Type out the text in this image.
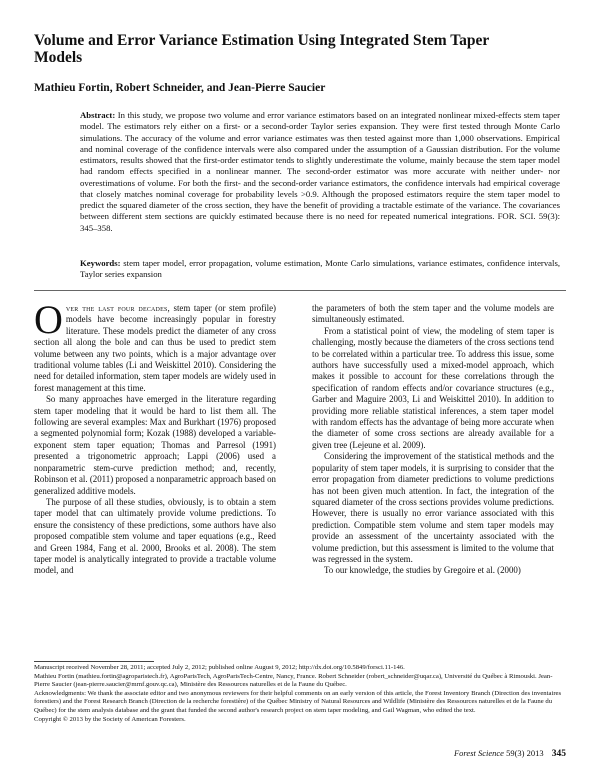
Volume and Error Variance Estimation Using Integrated Stem Taper Models
Mathieu Fortin, Robert Schneider, and Jean-Pierre Saucier
Abstract: In this study, we propose two volume and error variance estimators based on an integrated nonlinear mixed-effects stem taper model. The estimators rely either on a first- or a second-order Taylor series expansion. They were first tested through Monte Carlo simulations. The accuracy of the volume and error variance estimates was then tested against more than 1,000 observations. Empirical and nominal coverage of the confidence intervals were also compared under the assumption of a Gaussian distribution. For the volume estimators, results showed that the first-order estimator tends to slightly underestimate the volume, mainly because the stem taper model had random effects specified in a nonlinear manner. The second-order estimator was more accurate with neither under- nor overestimations of volume. For both the first- and the second-order variance estimators, the confidence intervals had empirical coverage that closely matches nominal coverage for probability levels >0.9. Although the proposed estimators require the stem taper model to predict the squared diameter of the cross section, they have the benefit of providing a tractable estimate of the variance. The covariances between different stem sections are quickly estimated because there is no need for repeated numerical integrations. FOR. SCI. 59(3): 345–358.
Keywords: stem taper model, error propagation, volume estimation, Monte Carlo simulations, variance estimates, confidence intervals, Taylor series expansion

Over the last four decades, stem taper (or stem profile) models have become increasingly popular in forestry literature. These models predict the diameter of any cross section all along the bole and can thus be used to predict stem volume between any two points, which is a major advantage over traditional volume tables (Li and Weiskittel 2010). Considering the need for detailed information, stem taper models are widely used in forest management at this time.

So many approaches have emerged in the literature regarding stem taper modeling that it would be hard to list them all. The following are several examples: Max and Burkhart (1976) proposed a segmented polynomial form; Kozak (1988) developed a variable-exponent stem taper equation; Thomas and Parresol (1991) presented a trigonometric approach; Lappi (2006) used a nonparametric stem-curve prediction method; and, recently, Robinson et al. (2011) proposed a nonparametric approach based on generalized additive models.

The purpose of all these studies, obviously, is to obtain a stem taper model that can ultimately provide volume predictions. To ensure the consistency of these predictions, some authors have also proposed compatible stem volume and taper equations (e.g., Reed and Green 1984, Fang et al. 2000, Brooks et al. 2008). The stem taper model is analytically integrated to provide a tractable volume model, and

the parameters of both the stem taper and the volume models are simultaneously estimated.

From a statistical point of view, the modeling of stem taper is challenging, mostly because the diameters of the cross sections tend to be correlated within a particular tree. To address this issue, some authors have successfully used a mixed-model approach, which makes it possible to account for these correlations through the specification of random effects and/or covariance structures (e.g., Garber and Maguire 2003, Li and Weiskittel 2010). In addition to providing more reliable statistical inferences, a stem taper model with random effects has the advantage of being more accurate when the diameter of some cross sections are already available for a given tree (Lejeune et al. 2009).

Considering the improvement of the statistical methods and the popularity of stem taper models, it is surprising to consider that the error propagation from diameter predictions to volume predictions has not been given much attention. In fact, the integration of the squared diameter of the cross sections provides volume predictions. However, there is usually no error variance associated with this prediction. Compatible stem volume and stem taper models may provide an assessment of the uncertainty associated with the volume prediction, but this assessment is limited to the volume that was regressed in the system.

To our knowledge, the studies by Gregoire et al. (2000)

Manuscript received November 28, 2011; accepted July 2, 2012; published online August 9, 2012; http://dx.doi.org/10.5849/forsci.11-146.

Mathieu Fortin (mathieu.fortin@agroparistech.fr), AgroParisTech, AgroParisTech-Centre, Nancy, France. Robert Schneider (robert_schneider@uqar.ca), Université du Québec à Rimouski. Jean-Pierre Saucier (jean-pierre.saucier@mrnf.gouv.qc.ca), Ministère des Ressources naturelles et de la Faune du Québec.

Acknowledgments: We thank the associate editor and two anonymous reviewers for their helpful comments on an early version of this article, the Forest Inventory Branch (Direction des inventaires forestiers) and the Forest Research Branch (Direction de la recherche forestière) of the Québec Ministry of Natural Resources and Wildlife (Ministère des Ressources naturelles et de la Faune du Québec) for the stem analysis database and the grant that funded the second author's research project on stem taper modeling, and Gail Wagman, who edited the text.

Copyright © 2013 by the Society of American Foresters.

Forest Science 59(3) 2013 345
